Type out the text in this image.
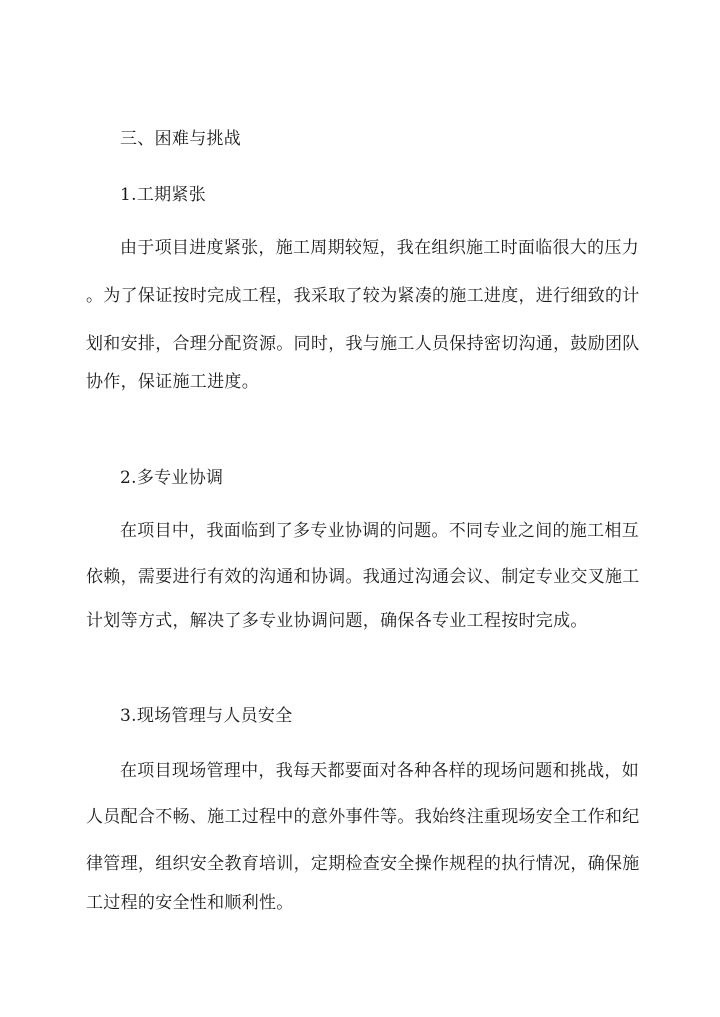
三、困难与挑战
1.工期紧张
由于项目进度紧张，施工周期较短，我在组织施工时面临很大的压力
。为了保证按时完成工程，我采取了较为紧凑的施工进度，进行细致的计
划和安排，合理分配资源。同时，我与施工人员保持密切沟通，鼓励团队
协作，保证施工进度。
2.多专业协调
在项目中，我面临到了多专业协调的问题。不同专业之间的施工相互
依赖，需要进行有效的沟通和协调。我通过沟通会议、制定专业交叉施工
计划等方式，解决了多专业协调问题，确保各专业工程按时完成。
3.现场管理与人员安全
在项目现场管理中，我每天都要面对各种各样的现场问题和挑战，如
人员配合不畅、施工过程中的意外事件等。我始终注重现场安全工作和纪
律管理，组织安全教育培训，定期检查安全操作规程的执行情况，确保施
工过程的安全性和顺利性。
